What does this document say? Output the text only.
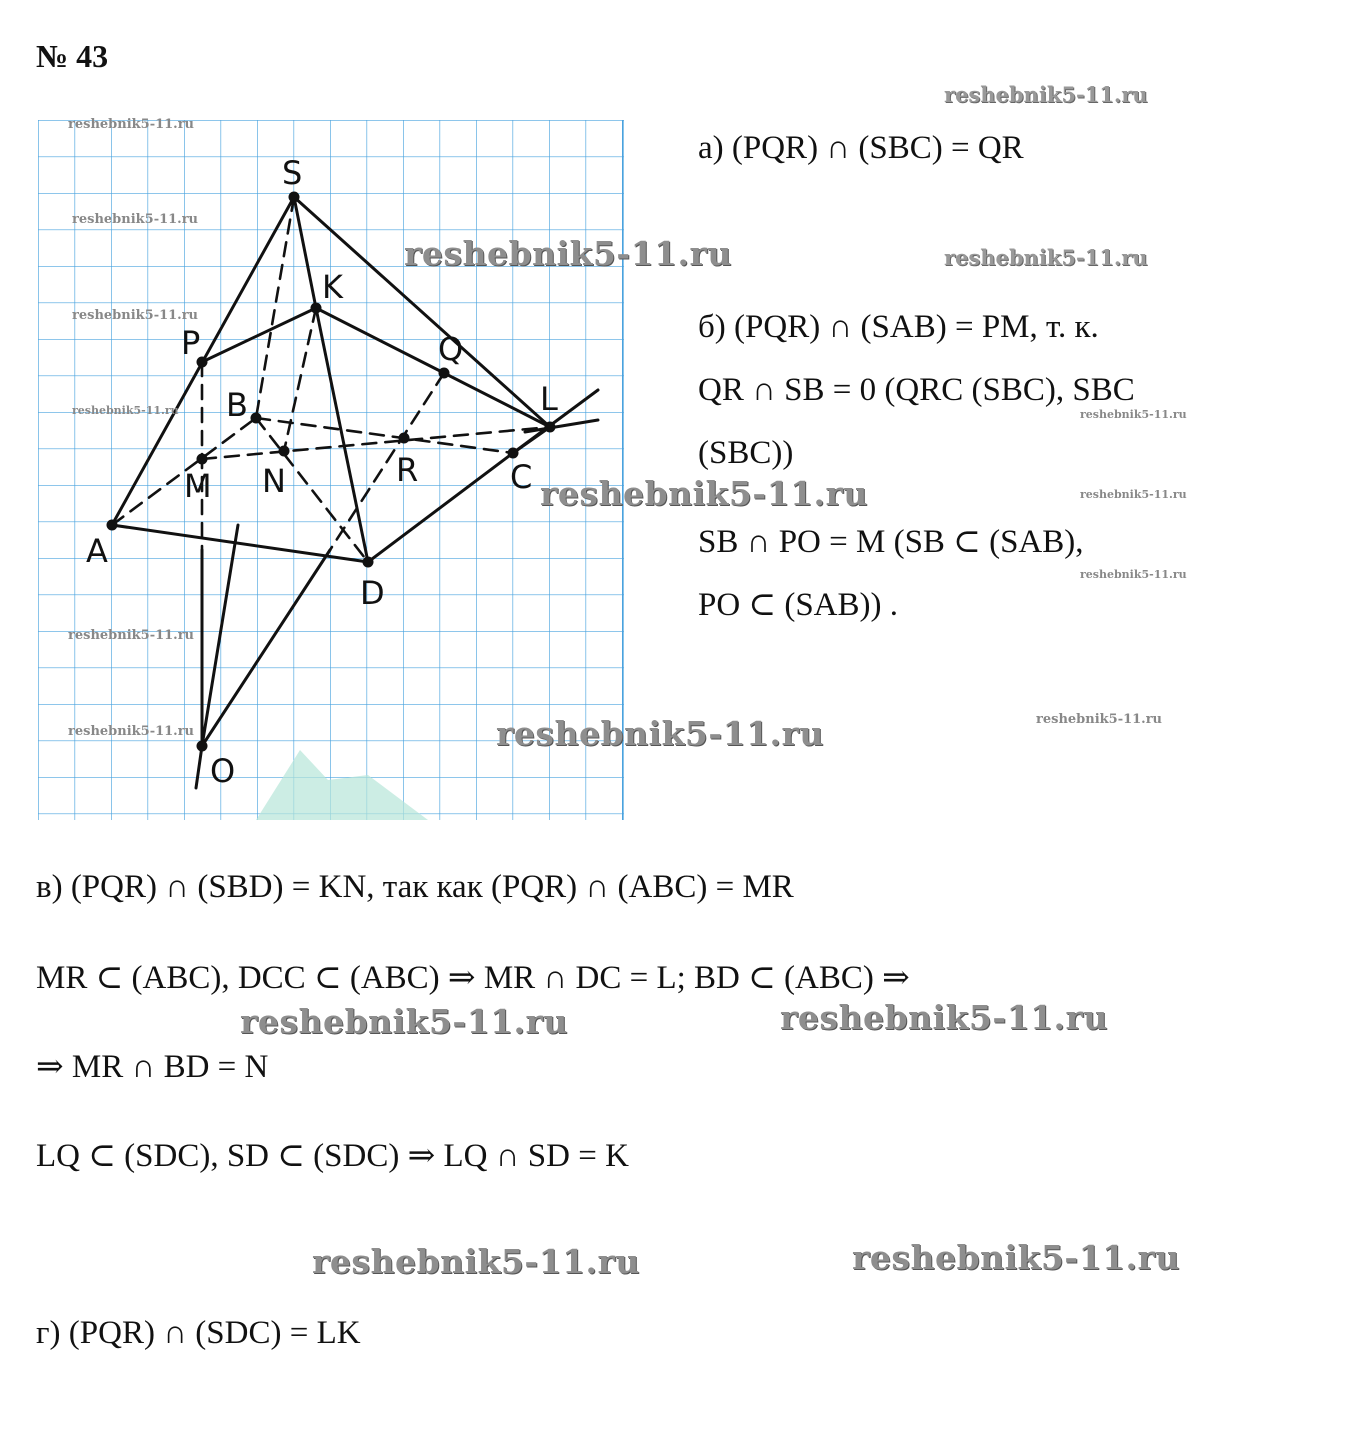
№ 43
S
K
P	Q
B	L
M N	R	C
A
D
O
reshebnik5-11.ru
reshebnik5-11.ru
reshebnik5-11.ru
reshebnik5-11.ru
reshebnik5-11.ru
reshebnik5-11.ru
reshebnik5-11.ru
reshebnik5-11.ru
reshebnik5-11.ru
reshebnik5-11.ru
reshebnik5-11.ru
reshebnik5-11.ru
reshebnik5-11.ru
reshebnik5-11.ru
reshebnik5-11.ru
reshebnik5-11.ru	reshebnik5-11.ru
reshebnik5-11.ru	reshebnik5-11.ru
а) (PQR) ∩ (SBC) = QR
б) (PQR) ∩ (SAB) = PM, т. к.
QR ∩ SB = 0 (QRC (SBC), SBC
(SBC))
SB ∩ PO = M (SB ⊂ (SAB),
PO ⊂ (SAB)) .
в) (PQR) ∩ (SBD) = KN, так как (PQR) ∩ (ABC) = MR
MR ⊂ (ABC), DCC ⊂ (ABC) ⇒ MR ∩ DC = L; BD ⊂ (ABC) ⇒
⇒ MR ∩ BD = N
LQ ⊂ (SDC), SD ⊂ (SDC) ⇒ LQ ∩ SD = K
г) (PQR) ∩ (SDC) = LK
